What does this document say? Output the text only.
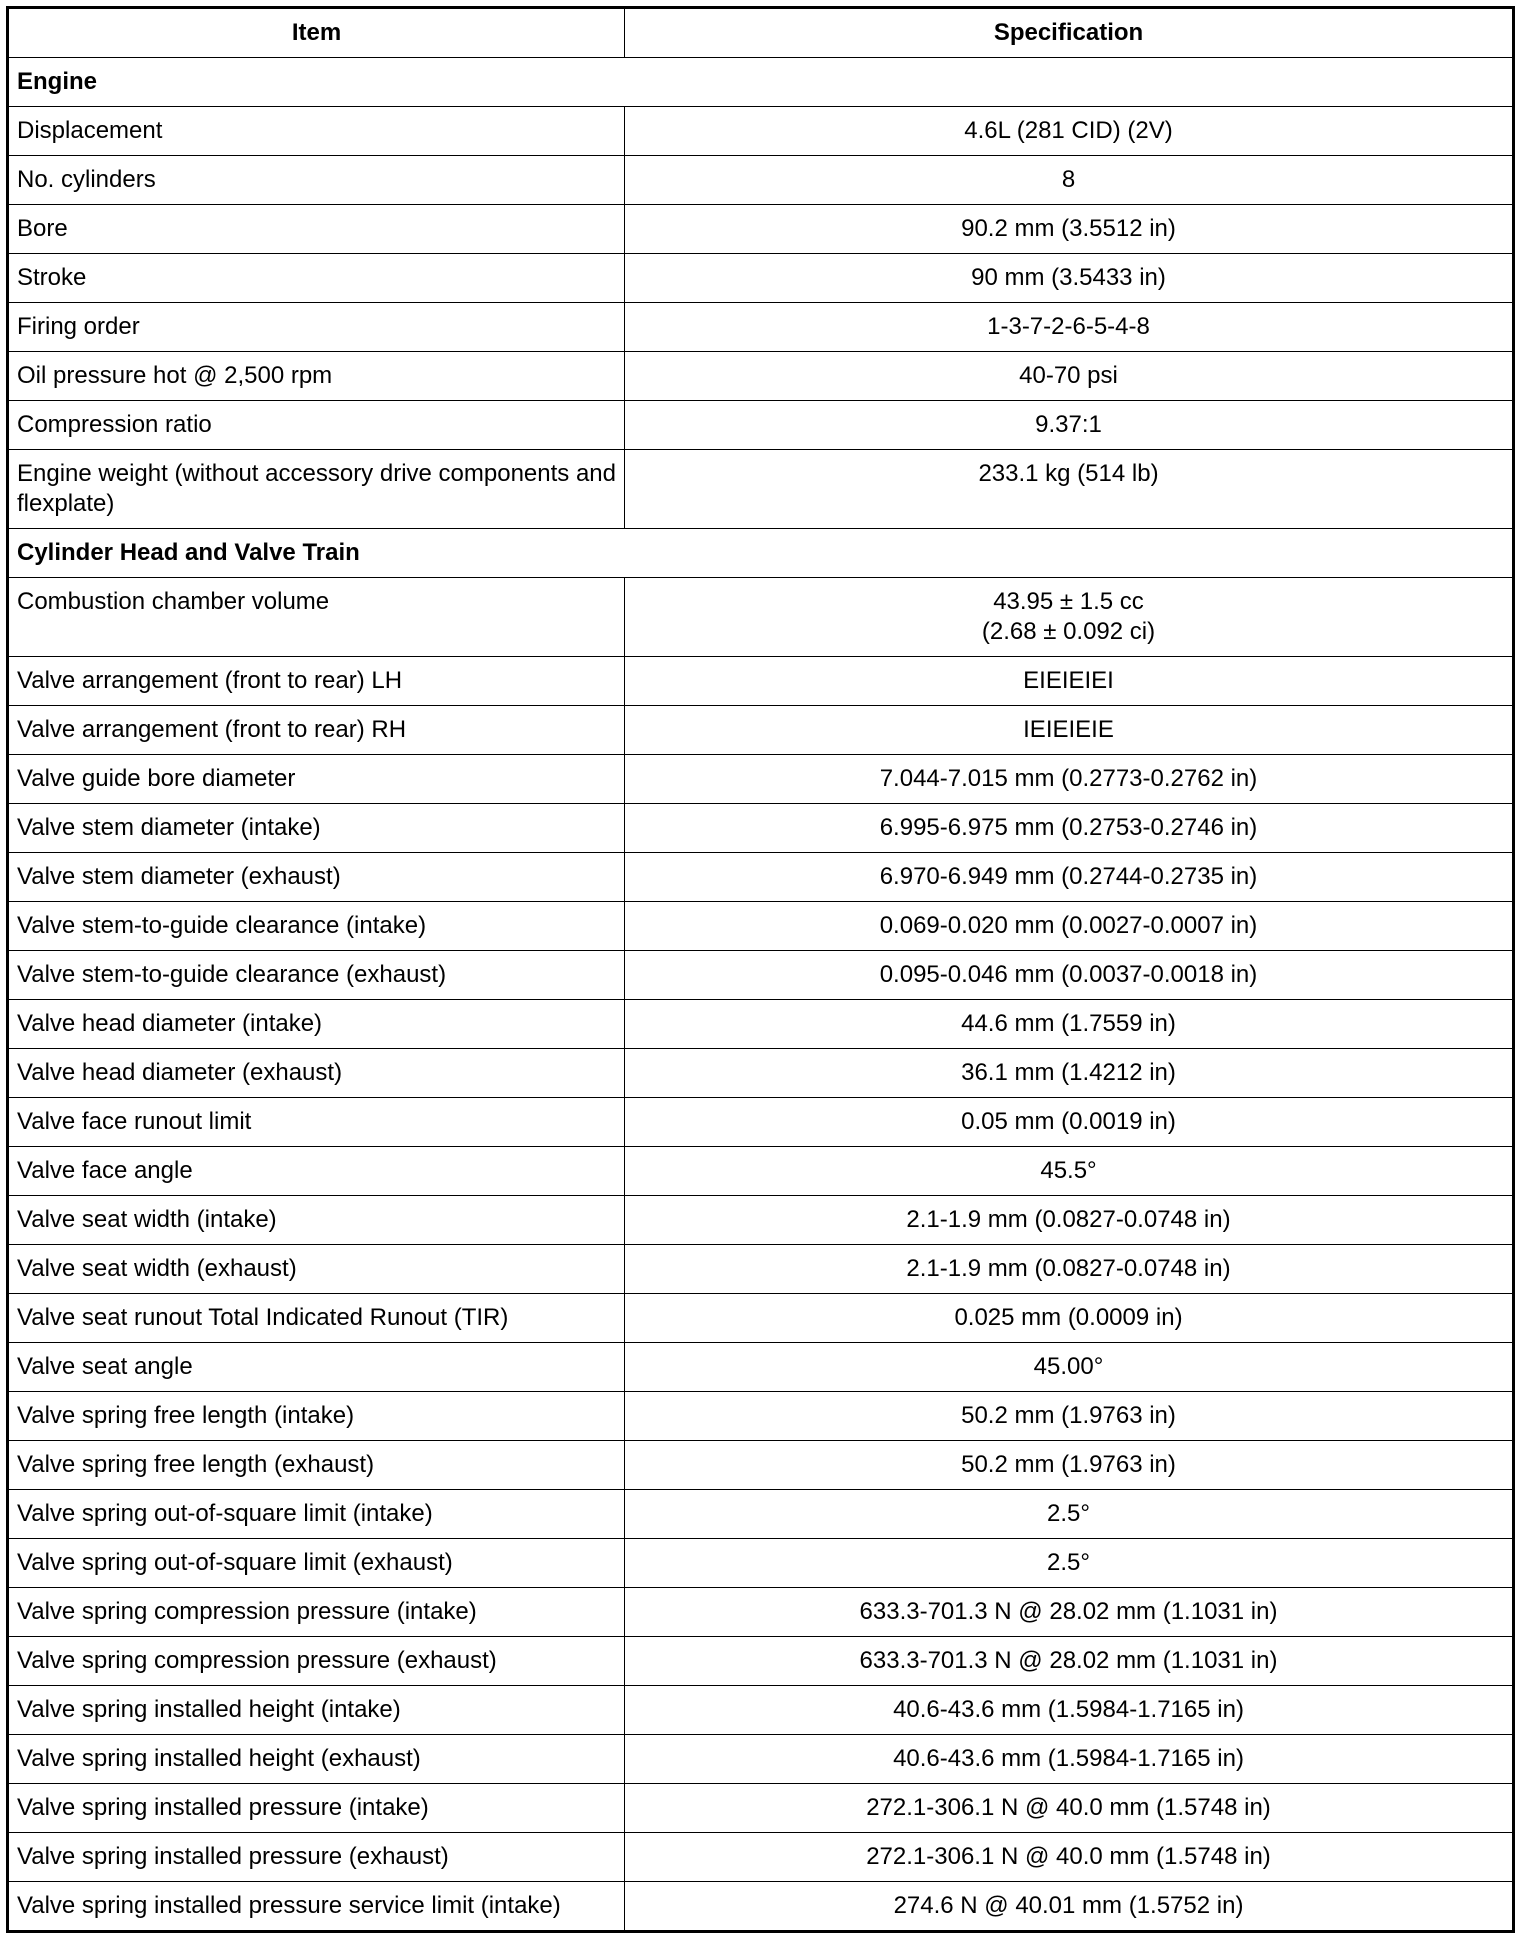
Item	Specification
Engine	
Displacement	4.6L (281 CID) (2V)

No. cylinders	8

Bore	90.2 mm (3.5512 in)

Stroke	90 mm (3.5433 in)

Firing order	1-3-7-2-6-5-4-8

Oil pressure hot @ 2,500 rpm	40-70 psi

Compression ratio	9.37:1

Engine weight (without accessory drive components and flexplate)	233.1 kg (514 lb)

Cylinder Head and Valve Train	
Combustion chamber volume	43.95 ± 1.5 cc
(2.68 ± 0.092 ci)

Valve arrangement (front to rear) LH	EIEIEIEI

Valve arrangement (front to rear) RH	IEIEIEIE

Valve guide bore diameter	7.044-7.015 mm (0.2773-0.2762 in)

Valve stem diameter (intake)	6.995-6.975 mm (0.2753-0.2746 in)

Valve stem diameter (exhaust)	6.970-6.949 mm (0.2744-0.2735 in)

Valve stem-to-guide clearance (intake)	0.069-0.020 mm (0.0027-0.0007 in)

Valve stem-to-guide clearance (exhaust)	0.095-0.046 mm (0.0037-0.0018 in)

Valve head diameter (intake)	44.6 mm (1.7559 in)

Valve head diameter (exhaust)	36.1 mm (1.4212 in)

Valve face runout limit	0.05 mm (0.0019 in)

Valve face angle	45.5°

Valve seat width (intake)	2.1-1.9 mm (0.0827-0.0748 in)

Valve seat width (exhaust)	2.1-1.9 mm (0.0827-0.0748 in)

Valve seat runout Total Indicated Runout (TIR)	0.025 mm (0.0009 in)

Valve seat angle	45.00°

Valve spring free length (intake)	50.2 mm (1.9763 in)

Valve spring free length (exhaust)	50.2 mm (1.9763 in)

Valve spring out-of-square limit (intake)	2.5°

Valve spring out-of-square limit (exhaust)	2.5°

Valve spring compression pressure (intake)	633.3-701.3 N @ 28.02 mm (1.1031 in)

Valve spring compression pressure (exhaust)	633.3-701.3 N @ 28.02 mm (1.1031 in)

Valve spring installed height (intake)	40.6-43.6 mm (1.5984-1.7165 in)

Valve spring installed height (exhaust)	40.6-43.6 mm (1.5984-1.7165 in)

Valve spring installed pressure (intake)	272.1-306.1 N @ 40.0 mm (1.5748 in)

Valve spring installed pressure (exhaust)	272.1-306.1 N @ 40.0 mm (1.5748 in)

Valve spring installed pressure service limit (intake)	274.6 N @ 40.01 mm (1.5752 in)
